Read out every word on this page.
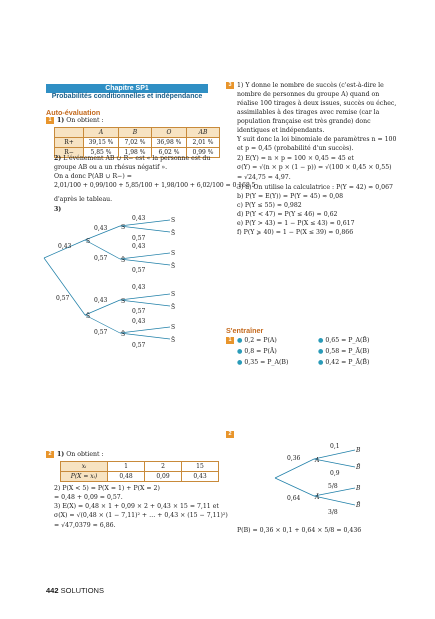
Chapitre SP1
Probabilités conditionnelles et indépendance
Auto-évaluation
1 1) On obtient :
	A	B	O	AB
R+	39,15 %	7,02 %	36,98 %	2,01 %
R−	5,85 %	1,98 %	6,02 %	0,99 %
2) L'événement AB ∪ R− est « la personne est du
groupe AB ou a un rhésus négatif ».
On a donc P(AB ∪ R−) =
2,01/100 + 0,99/100 + 5,85/100 + 1,98/100 + 6,02/100 = 0,168 5
d'après le tableau.
3)
0,43
0,57
0,43
0,57
0,43
0,57
S
S̄
S
S̄
S
S̄
0,43
0,57
0,43
0,57
0,43
0,57
0,43
0,57
S
S̄
S
S̄
S
S̄
S
S̄
2 1) On obtient :
xᵢ	1	2	15
P(X = xᵢ)	0,48	0,09	0,43
2) P(X < 5) = P(X = 1) + P(X = 2)
= 0,48 + 0,09 = 0,57.
3) E(X) = 0,48 × 1 + 0,09 × 2 + 0,43 × 15 = 7,11 et
σ(X) = √(0,48 × (1 − 7,11)² + … + 0,43 × (15 − 7,11)²)
= √47,0379 ≈ 6,86.
3 1) Y donne le nombre de succès (c'est-à-dire le
nombre de personnes du groupe A) quand on
réalise 100 tirages à deux issues, succès ou échec,
assimilables à des tirages avec remise (car la
population française est très grande) donc
identiques et indépendants.
Y suit donc la loi binomiale de paramètres n = 100
et p = 0,45 (probabilité d'un succès).
2) E(Y) = n × p = 100 × 0,45 = 45 et
σ(Y) = √(n × p × (1 − p)) = √(100 × 0,45 × 0,55)
= √24,75 ≈ 4,97.
3) a) On utilise la calculatrice : P(Y = 42) ≈ 0,067
b) P(Y = E(Y)) = P(Y = 45) ≈ 0,08
c) P(Y ≤ 55) ≈ 0,982
d) P(Y < 47) = P(Y ≤ 46) ≈ 0,62
e) P(Y > 43) = 1 − P(X ≤ 43) ≈ 0,617
f) P(Y ⩾ 40) = 1 − P(X ≤ 39) ≈ 0,866
S'entraîner
1 ● 0,2 = P(A)	● 0,65 = P_A(B̄)
● 0,8 = P(Ā)	● 0,58 = P_Ā(B)
● 0,35 = P_A(B)	● 0,42 = P_Ā(B̄)
2
0,36
0,64
A
Ā
0,1
0,9
5/8
3/8
B
B̄
B
B̄
P(B) = 0,36 × 0,1 + 0,64 × 5/8 = 0,436
442 SOLUTIONS
